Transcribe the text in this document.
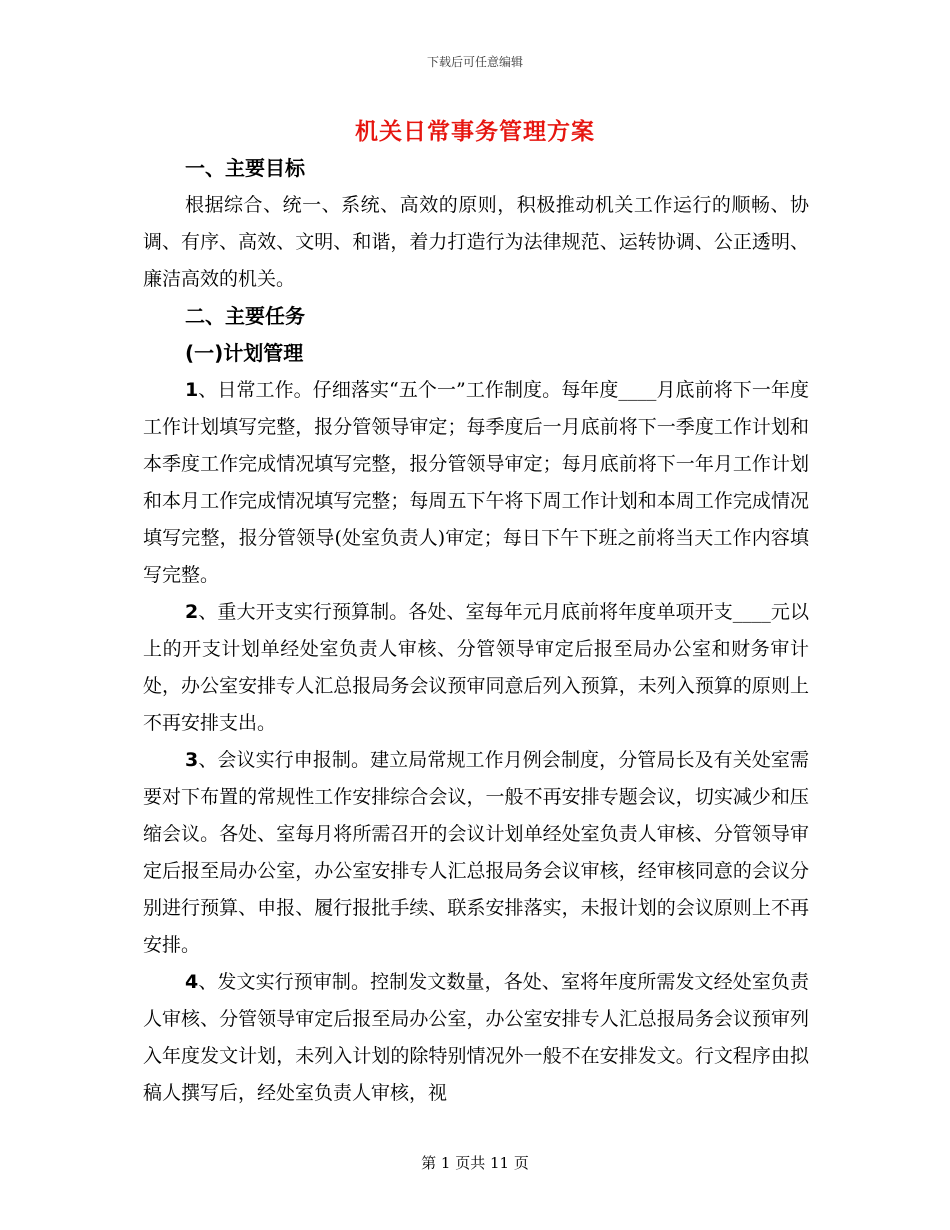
下载后可任意编辑
机关日常事务管理方案
一、主要目标

根据综合、统一、系统、高效的原则，积极推动机关工作运行的顺畅、协调、有序、高效、文明、和谐，着力打造行为法律规范、运转协调、公正透明、廉洁高效的机关。

二、主要任务
(一)计划管理

1、日常工作。仔细落实“五个一”工作制度。每年度____月底前将下一年度工作计划填写完整，报分管领导审定；每季度后一月底前将下一季度工作计划和本季度工作完成情况填写完整，报分管领导审定；每月底前将下一年月工作计划和本月工作完成情况填写完整；每周五下午将下周工作计划和本周工作完成情况填写完整，报分管领导(处室负责人)审定；每日下午下班之前将当天工作内容填写完整。

2、重大开支实行预算制。各处、室每年元月底前将年度单项开支____元以上的开支计划单经处室负责人审核、分管领导审定后报至局办公室和财务审计处，办公室安排专人汇总报局务会议预审同意后列入预算，未列入预算的原则上不再安排支出。

3、会议实行申报制。建立局常规工作月例会制度，分管局长及有关处室需要对下布置的常规性工作安排综合会议，一般不再安排专题会议，切实减少和压缩会议。各处、室每月将所需召开的会议计划单经处室负责人审核、分管领导审定后报至局办公室，办公室安排专人汇总报局务会议审核，经审核同意的会议分别进行预算、申报、履行报批手续、联系安排落实，未报计划的会议原则上不再安排。

4、发文实行预审制。控制发文数量，各处、室将年度所需发文经处室负责人审核、分管领导审定后报至局办公室，办公室安排专人汇总报局务会议预审列入年度发文计划，未列入计划的除特别情况外一般不在安排发文。行文程序由拟稿人撰写后，经处室负责人审核，视

第 1 页共 11 页
